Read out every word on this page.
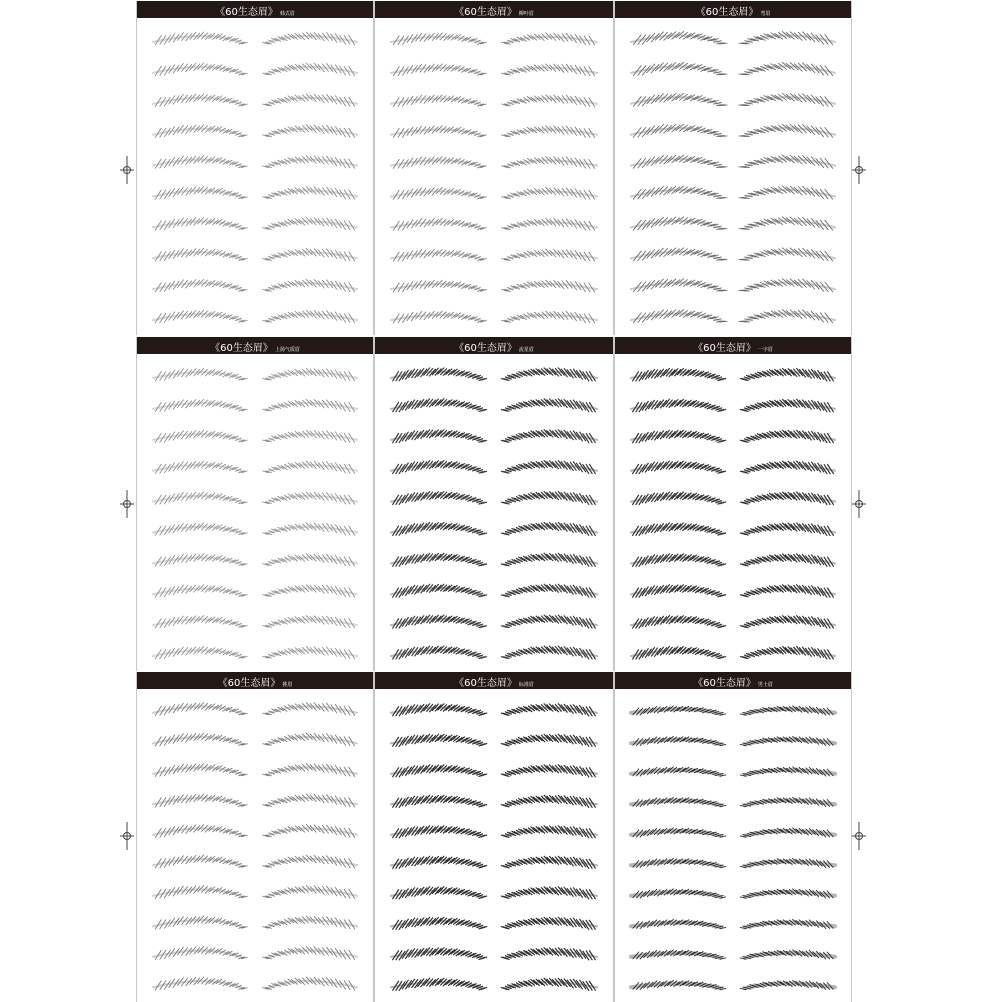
《60生态眉》 韩式眉	《60生态眉》 柳叶眉	《60生态眉》 弯眉
《60生态眉》 上扬气质眉	《60生态眉》 流星眉	《60生态眉》 一字眉
《60生态眉》 挑眉	《60生态眉》 标准眉	《60生态眉》 男士眉
